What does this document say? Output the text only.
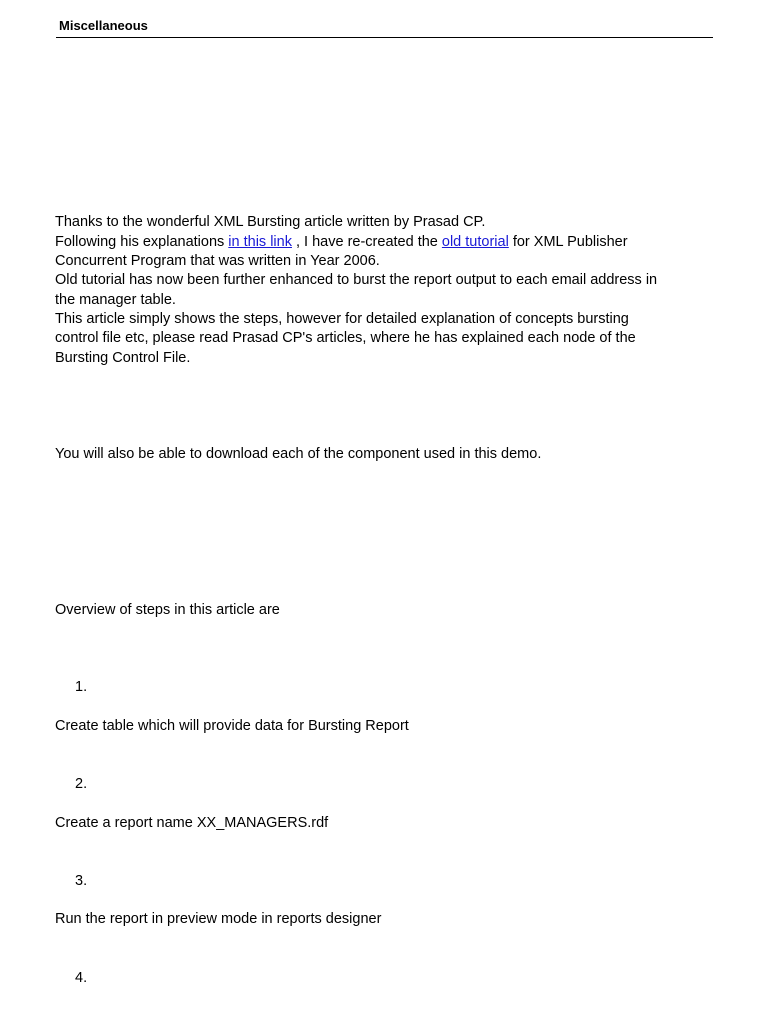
Miscellaneous
Thanks to the wonderful XML Bursting article written by Prasad CP.
Following his explanations in this link , I have re-created the old tutorial for XML Publisher
Concurrent Program that was written in Year 2006.
Old tutorial has now been further enhanced to burst the report output to each email address in
the manager table.
This article simply shows the steps, however for detailed explanation of concepts bursting
control file etc, please read Prasad CP's articles, where he has explained each node of the
Bursting Control File.
You will also be able to download each of the component used in this demo.
Overview of steps in this article are
1.
Create table which will provide data for Bursting Report
2.
Create a report name XX_MANAGERS.rdf
3.
Run the report in preview mode in reports designer
4.
